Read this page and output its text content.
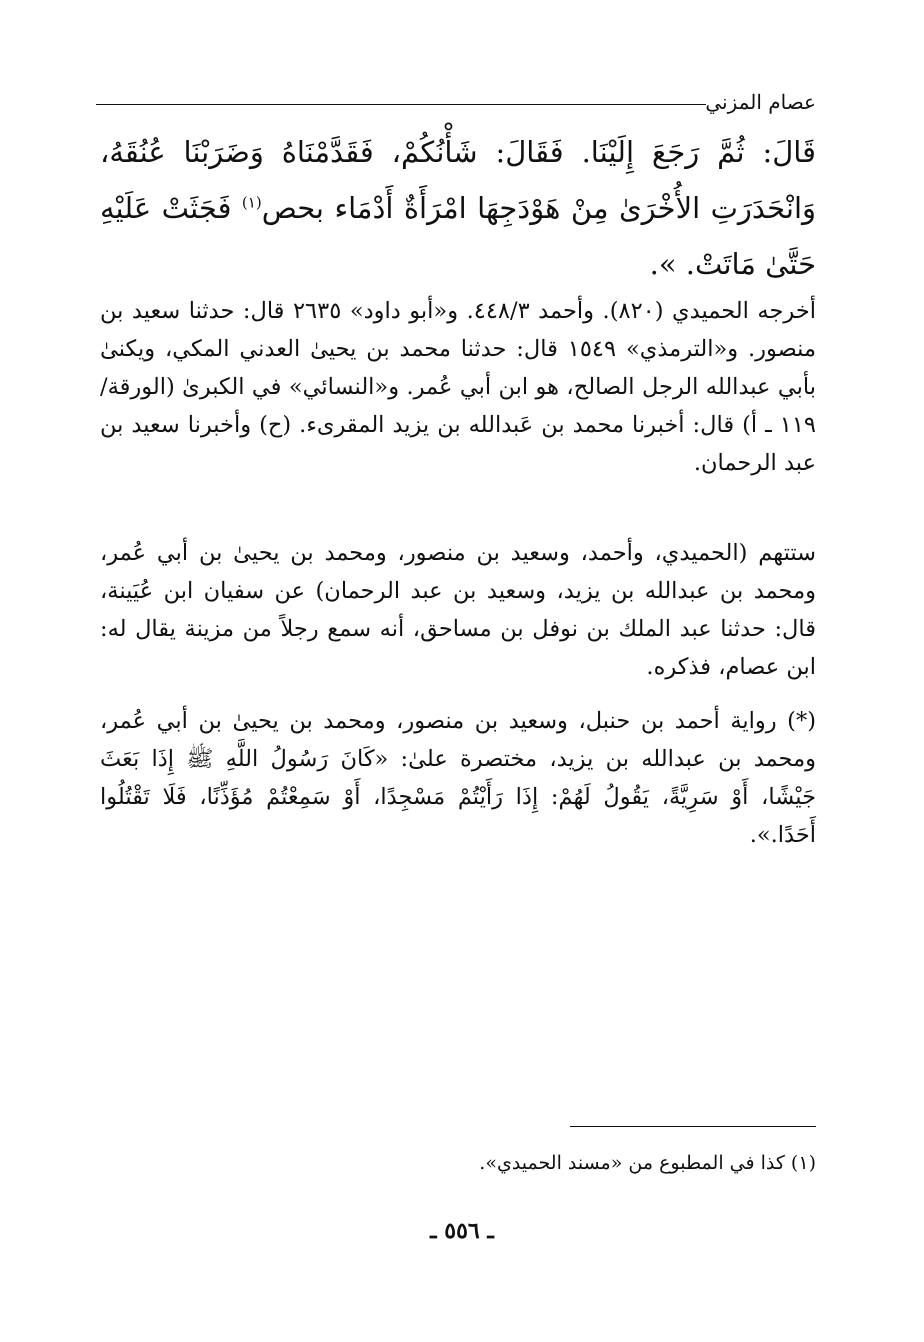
عصام المزني
قَالَ: ثُمَّ رَجَعَ إِلَيْنَا. فَقَالَ: شَأْنُكُمْ، فَقَدَّمْنَاهُ وَضَرَبْنَا عُنُقَهُ، وَانْحَدَرَتِ الأُخْرَىٰ مِنْ هَوْدَجِهَا امْرَأَةٌ أَدْمَاء بحص$^{(١)}$ فَجَثَتْ عَلَيْهِ حَتَّىٰ مَاتَتْ. ».

أخرجه الحميدي (٨٢٠). وأحمد ٤٤٨/٣. و«أبو داود» ٢٦٣٥ قال: حدثنا سعيد بن منصور. و«الترمذي» ١٥٤٩ قال: حدثنا محمد بن يحيىٰ العدني المكي، ويكنىٰ بأبي عبدالله الرجل الصالح، هو ابن أبي عُمر. و«النسائي» في الكبرىٰ (الورقة/ ١١٩ ـ أ) قال: أخبرنا محمد بن عَبدالله بن يزيد المقرىء. (ح) وأخبرنا سعيد بن عبد الرحمان.

ستتهم (الحميدي، وأحمد، وسعيد بن منصور، ومحمد بن يحيىٰ بن أبي عُمر، ومحمد بن عبدالله بن يزيد، وسعيد بن عبد الرحمان) عن سفيان ابن عُيَينة، قال: حدثنا عبد الملك بن نوفل بن مساحق، أنه سمع رجلاً من مزينة يقال له: ابن عصام، فذكره.

(*) رواية أحمد بن حنبل، وسعيد بن منصور، ومحمد بن يحيىٰ بن أبي عُمر، ومحمد بن عبدالله بن يزيد، مختصرة علىٰ: «كَانَ رَسُولُ اللَّهِ ﷺ إِذَا بَعَثَ جَيْشًا، أَوْ سَرِيَّةً، يَقُولُ لَهُمْ: إِذَا رَأَيْتُمْ مَسْجِدًا، أَوْ سَمِعْتُمْ مُؤَذِّنًا، فَلَا تَقْتُلُوا أَحَدًا.».

(١) كذا في المطبوع من «مسند الحميدي».
ـ ٥٥٦ ـ
